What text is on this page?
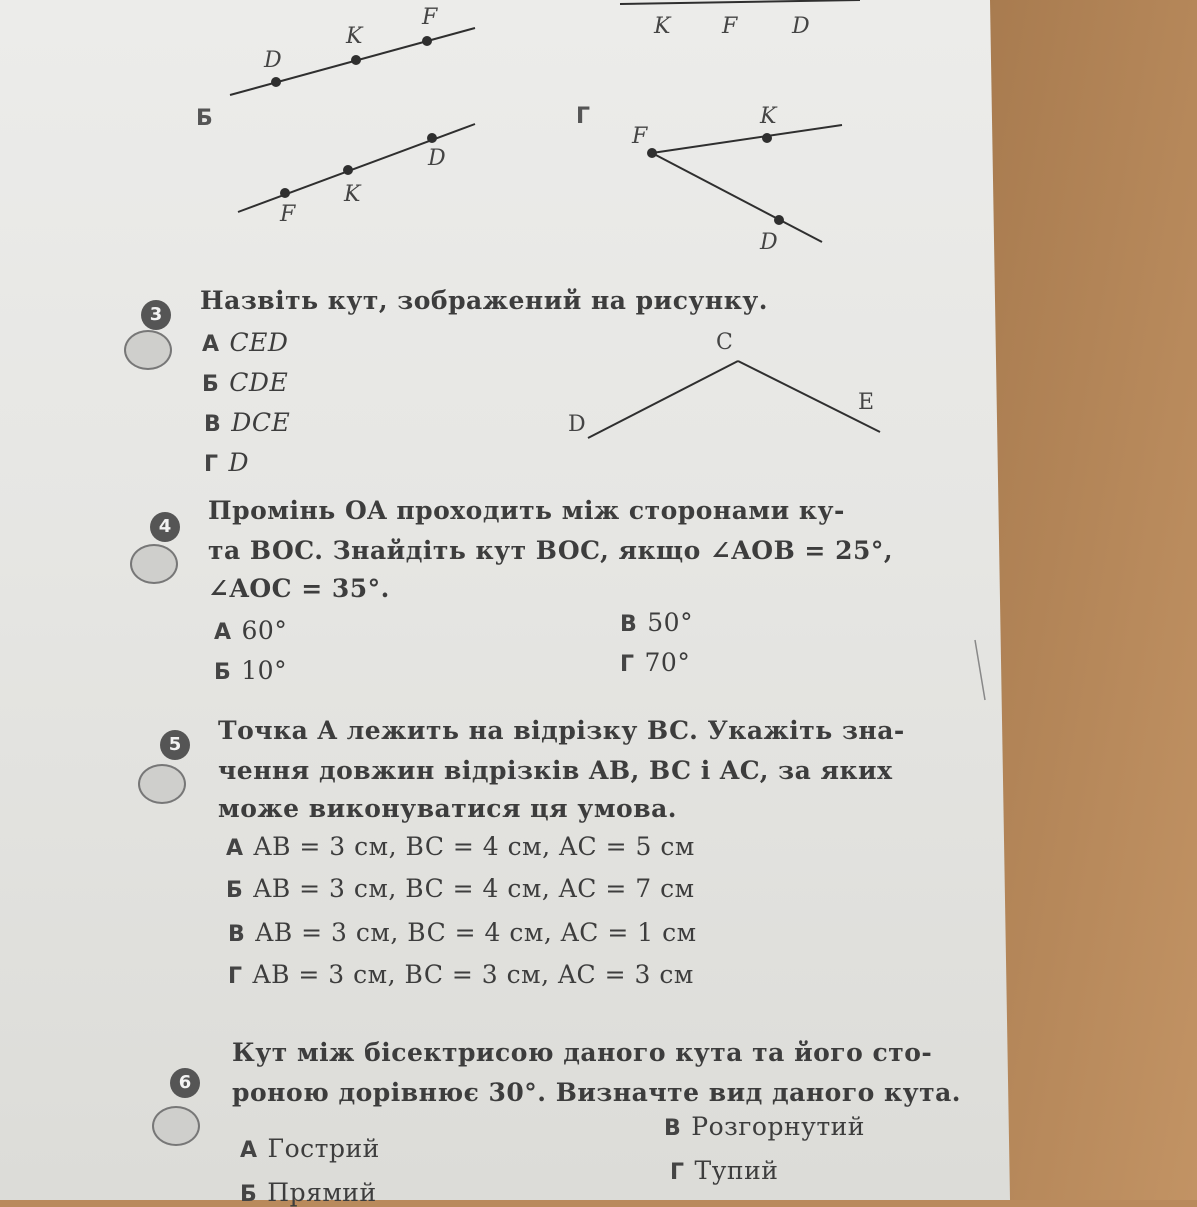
D
K
F	K F D
Б
F
K
D
Г
F
K
D
3	Назвіть кут, зображений на рисунку.
А CED
Б CDE
В DCE
Г D
C
D
E
4
Промінь OA проходить між сторонами ку-
та BOC. Знайдіть кут BOC, якщо ∠AOB = 25°,
∠AOC = 35°.
А 60°
Б 10°
В 50°
Г 70°
5	Точка A лежить на відрізку BC. Укажіть зна-
чення довжин відрізків AB, BC і AC, за яких
може виконуватися ця умова.
А AB = 3 см, BC = 4 см, AC = 5 см
Б AB = 3 см, BC = 4 см, AC = 7 см
В AB = 3 см, BC = 4 см, AC = 1 см
Г AB = 3 см, BC = 3 см, AC = 3 см
6
Кут між бісектрисою даного кута та його сто-
роною дорівнює 30°. Визначте вид даного кута.
А Гострий
Б Прямий
В Розгорнутий
Г Тупий
